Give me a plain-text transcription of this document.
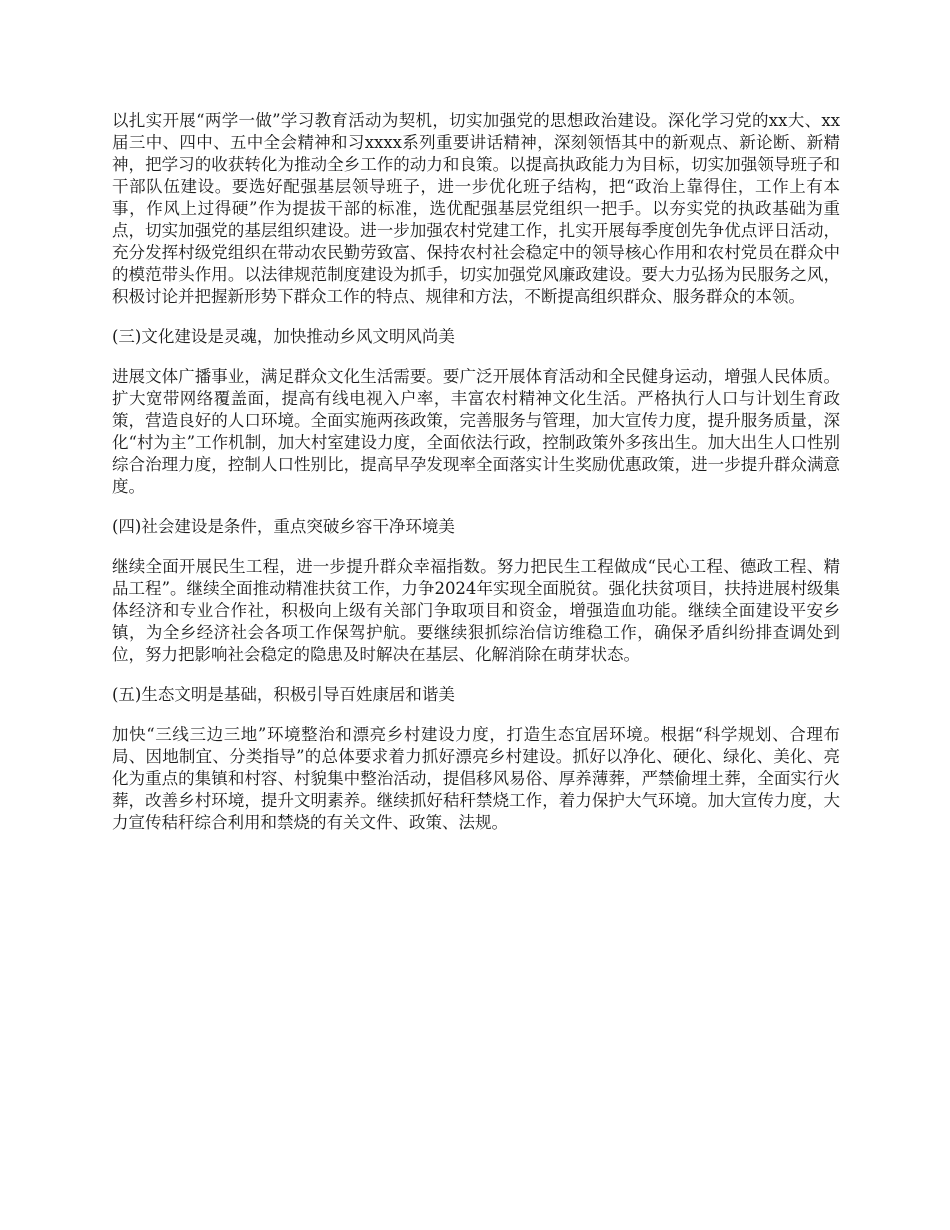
以扎实开展“两学一做”学习教育活动为契机，切实加强党的思想政治建设。深化学习党的xx大、xx届三中、四中、五中全会精神和习xxxx系列重要讲话精神，深刻领悟其中的新观点、新论断、新精神，把学习的收获转化为推动全乡工作的动力和良策。以提高执政能力为目标，切实加强领导班子和干部队伍建设。要选好配强基层领导班子，进一步优化班子结构，把“政治上靠得住，工作上有本事，作风上过得硬”作为提拔干部的标准，选优配强基层党组织一把手。以夯实党的执政基础为重点，切实加强党的基层组织建设。进一步加强农村党建工作，扎实开展每季度创先争优点评日活动，充分发挥村级党组织在带动农民勤劳致富、保持农村社会稳定中的领导核心作用和农村党员在群众中的模范带头作用。以法律规范制度建设为抓手，切实加强党风廉政建设。要大力弘扬为民服务之风，积极讨论并把握新形势下群众工作的特点、规律和方法，不断提高组织群众、服务群众的本领。

(三)文化建设是灵魂，加快推动乡风文明风尚美

进展文体广播事业，满足群众文化生活需要。要广泛开展体育活动和全民健身运动，增强人民体质。扩大宽带网络覆盖面，提高有线电视入户率，丰富农村精神文化生活。严格执行人口与计划生育政策，营造良好的人口环境。全面实施两孩政策，完善服务与管理，加大宣传力度，提升服务质量，深化“村为主”工作机制，加大村室建设力度，全面依法行政，控制政策外多孩出生。加大出生人口性别综合治理力度，控制人口性别比，提高早孕发现率全面落实计生奖励优惠政策，进一步提升群众满意度。

(四)社会建设是条件，重点突破乡容干净环境美

继续全面开展民生工程，进一步提升群众幸福指数。努力把民生工程做成“民心工程、德政工程、精品工程”。继续全面推动精准扶贫工作，力争2024年实现全面脱贫。强化扶贫项目，扶持进展村级集体经济和专业合作社，积极向上级有关部门争取项目和资金，增强造血功能。继续全面建设平安乡镇，为全乡经济社会各项工作保驾护航。要继续狠抓综治信访维稳工作，确保矛盾纠纷排查调处到位，努力把影响社会稳定的隐患及时解决在基层、化解消除在萌芽状态。

(五)生态文明是基础，积极引导百姓康居和谐美

加快“三线三边三地”环境整治和漂亮乡村建设力度，打造生态宜居环境。根据“科学规划、合理布局、因地制宜、分类指导”的总体要求着力抓好漂亮乡村建设。抓好以净化、硬化、绿化、美化、亮化为重点的集镇和村容、村貌集中整治活动，提倡移风易俗、厚养薄葬，严禁偷埋土葬，全面实行火葬，改善乡村环境，提升文明素养。继续抓好秸秆禁烧工作，着力保护大气环境。加大宣传力度，大力宣传秸秆综合利用和禁烧的有关文件、政策、法规。
